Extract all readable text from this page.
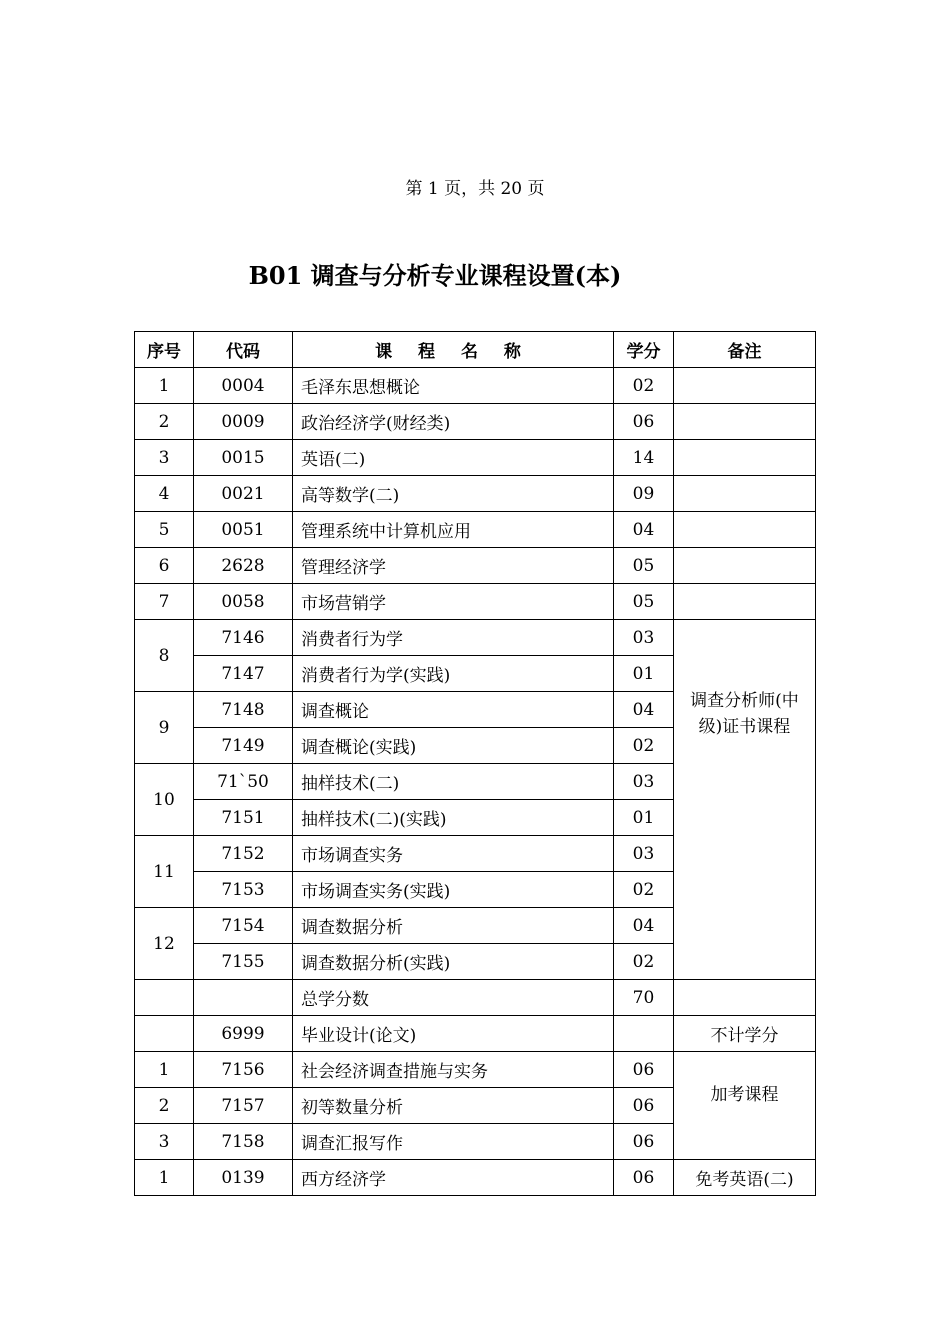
第 1 页，共 20 页
B01 调查与分析专业课程设置(本)
序号	代码	课 程 名 称	学分	备注
1	0004	毛泽东思想概论	02	
2	0009	政治经济学(财经类)	06	
3	0015	英语(二)	14	
4	0021	高等数学(二)	09	
5	0051	管理系统中计算机应用	04	
6	2628	管理经济学	05	
7	0058	市场营销学	05	
8	7146	消费者行为学	03	调查分析师(中级)证书课程
	7147	消费者行为学(实践)	01	
9	7148	调查概论	04	
	7149	调查概论(实践)	02	
10	71`50	抽样技术(二)	03	
	7151	抽样技术(二)(实践)	01	
11	7152	市场调查实务	03	
	7153	市场调查实务(实践)	02	
12	7154	调查数据分析	04	
	7155	调查数据分析(实践)	02	
		总学分数	70	
	6999	毕业设计(论文)		不计学分
1	7156	社会经济调查措施与实务	06	加考课程
2	7157	初等数量分析	06	
3	7158	调查汇报写作	06	
1	0139	西方经济学	06	免考英语(二)
